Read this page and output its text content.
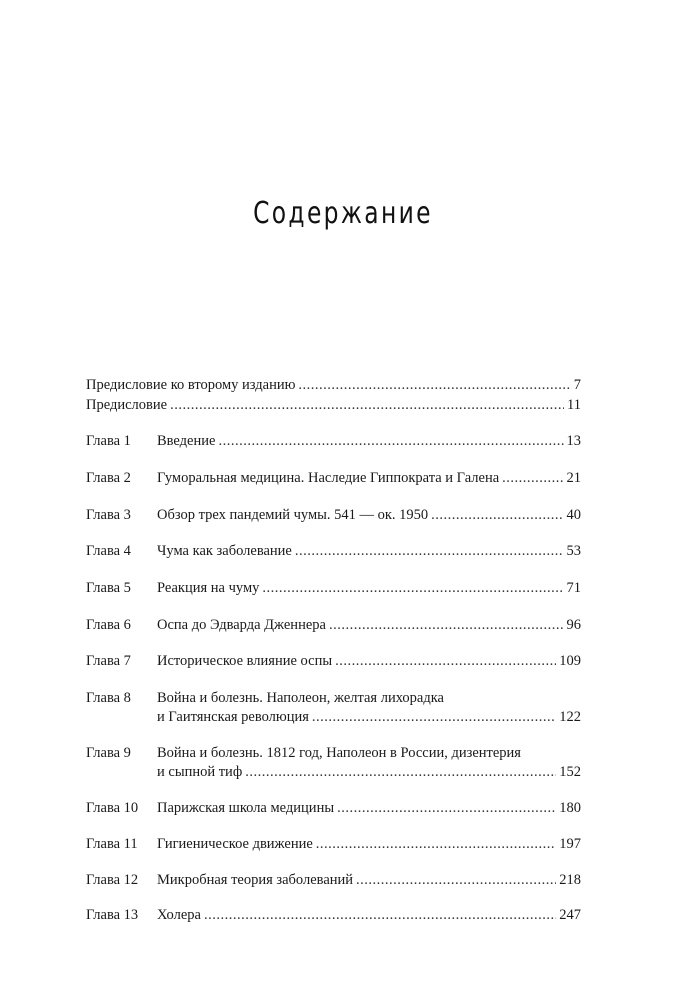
Содержание
Предисловие ко второму изданию .....	7
Предисловие .....	11
Глава 1	Введение .....	13
Глава 2	Гуморальная медицина. Наследие Гиппократа и Галена .....	21
Глава 3	Обзор трех пандемий чумы. 541 — ок. 1950 .....	40
Глава 4	Чума как заболевание .....	53
Глава 5	Реакция на чуму .....	71
Глава 6	Оспа до Эдварда Дженнера .....	96
Глава 7	Историческое влияние оспы .....	109
Глава 8	Война и болезнь. Наполеон, желтая лихорадка
и Гаитянская революция .....	122
Глава 9	Война и болезнь. 1812 год, Наполеон в России, дизентерия
и сыпной тиф .....	152
Глава 10	Парижская школа медицины .....	180
Глава 11	Гигиеническое движение .....	197
Глава 12	Микробная теория заболеваний .....	218
Глава 13	Холера .....	247
